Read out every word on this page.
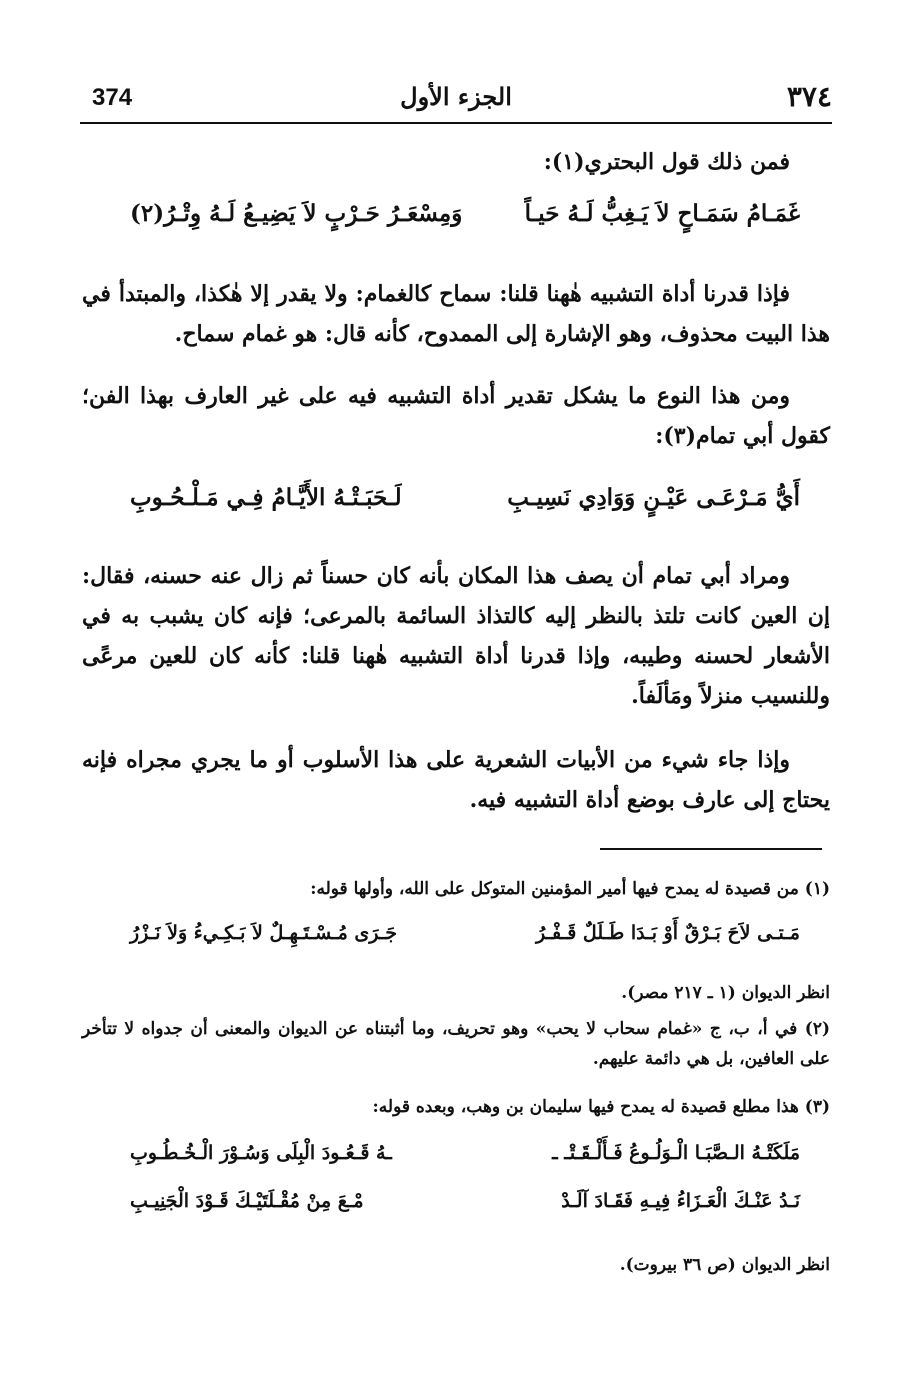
374	الجزء الأول	٣٧٤

فمن ذلك قول البحتري(١):

غَمَـامُ سَمَـاحٍ لاَ يَـغِبُّ لَـهُ حَيـاً
وَمِسْعَـرُ حَـرْبٍ لاَ يَضِيـعُ لَـهُ وِتْـرُ(٢)

فإذا قدرنا أداة التشبيه هٰهنا قلنا: سماح كالغمام: ولا يقدر إلا هٰكذا، والمبتدأ في هذا البيت محذوف، وهو الإشارة إلى الممدوح، كأنه قال: هو غمام سماح.

ومن هذا النوع ما يشكل تقدير أداة التشبيه فيه على غير العارف بهذا الفن؛ كقول أبي تمام(٣):

أَيُّ مَـرْعَـى عَيْـنٍ وَوَادِي نَسِيـبِ
لَـحَبَـتْـهُ الأَيَّـامُ فِـي مَـلْـحُـوبِ

ومراد أبي تمام أن يصف هذا المكان بأنه كان حسناً ثم زال عنه حسنه، فقال: إن العين كانت تلتذ بالنظر إليه كالتذاذ السائمة بالمرعى؛ فإنه كان يشبب به في الأشعار لحسنه وطيبه، وإذا قدرنا أداة التشبيه هٰهنا قلنا: كأنه كان للعين مرعًى وللنسيب منزلاً ومَألَفاً.

وإذا جاء شيء من الأبيات الشعرية على هذا الأسلوب أو ما يجري مجراه فإنه يحتاج إلى عارف بوضع أداة التشبيه فيه.

(١) من قصيدة له يمدح فيها أمير المؤمنين المتوكل على الله، وأولها قوله:

مَـتـى لاَحَ بَـرْقٌ أَوْ بَـدَا طَـلَلٌ قَـفْـرُ
جَـرَى مُـسْـتَـهِـلٌ لاَ بَـكِـيءُ وَلاَ نَـزْرُ

انظر الديوان (١ ـ ٢١٧ مصر).

(٢) في أ، ب، ج «غمام سحاب لا يحب» وهو تحريف، وما أثبتناه عن الديوان والمعنى أن جدواه لا تتأخر على العافين، بل هي دائمة عليهم.

(٣) هذا مطلع قصيدة له يمدح فيها سليمان بن وهب، وبعده قوله:

مَلَكَتْـهُ الـصَّبَـا الْـوَلُـوعُ فَـأَلْـقَـتْـ ـ
ـهُ قَـعُـودَ الْبِلَى وَسُـوْرَ الْـخُـطُـوبِ
نَـدُ عَنْـكَ الْعَـزَاءُ فِيـهِ فَقَـادَ آلَـدْ
مْـعَ مِنْ مُقْـلَتَيْـكَ قَـوْدَ الْجَنِيـبِ

انظر الديوان (ص ٣٦ بيروت).
